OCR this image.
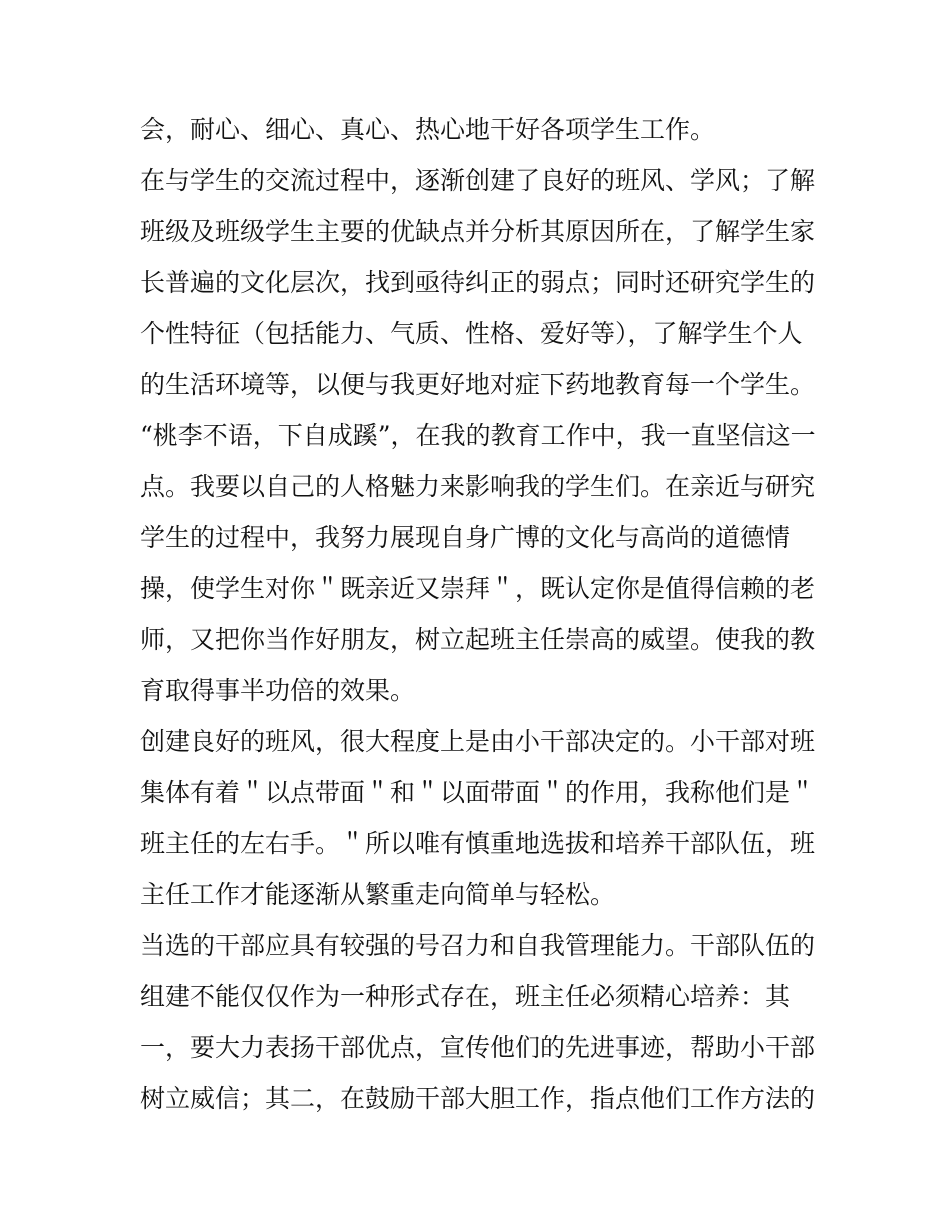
会，耐心、细心、真心、热心地干好各项学生工作。
在与学生的交流过程中，逐渐创建了良好的班风、学风；了解
班级及班级学生主要的优缺点并分析其原因所在，了解学生家
长普遍的文化层次，找到亟待纠正的弱点；同时还研究学生的
个性特征（包括能力、气质、性格、爱好等），了解学生个人
的生活环境等，以便与我更好地对症下药地教育每一个学生。
“桃李不语，下自成蹊”，在我的教育工作中，我一直坚信这一
点。我要以自己的人格魅力来影响我的学生们。在亲近与研究
学生的过程中，我努力展现自身广博的文化与高尚的道德情
操，使学生对你＂既亲近又崇拜＂，既认定你是值得信赖的老
师，又把你当作好朋友，树立起班主任崇高的威望。使我的教
育取得事半功倍的效果。
创建良好的班风，很大程度上是由小干部决定的。小干部对班
集体有着＂以点带面＂和＂以面带面＂的作用，我称他们是＂
班主任的左右手。＂所以唯有慎重地选拔和培养干部队伍，班
主任工作才能逐渐从繁重走向简单与轻松。
当选的干部应具有较强的号召力和自我管理能力。干部队伍的
组建不能仅仅作为一种形式存在，班主任必须精心培养：其
一，要大力表扬干部优点，宣传他们的先进事迹，帮助小干部
树立威信；其二，在鼓励干部大胆工作，指点他们工作方法的
